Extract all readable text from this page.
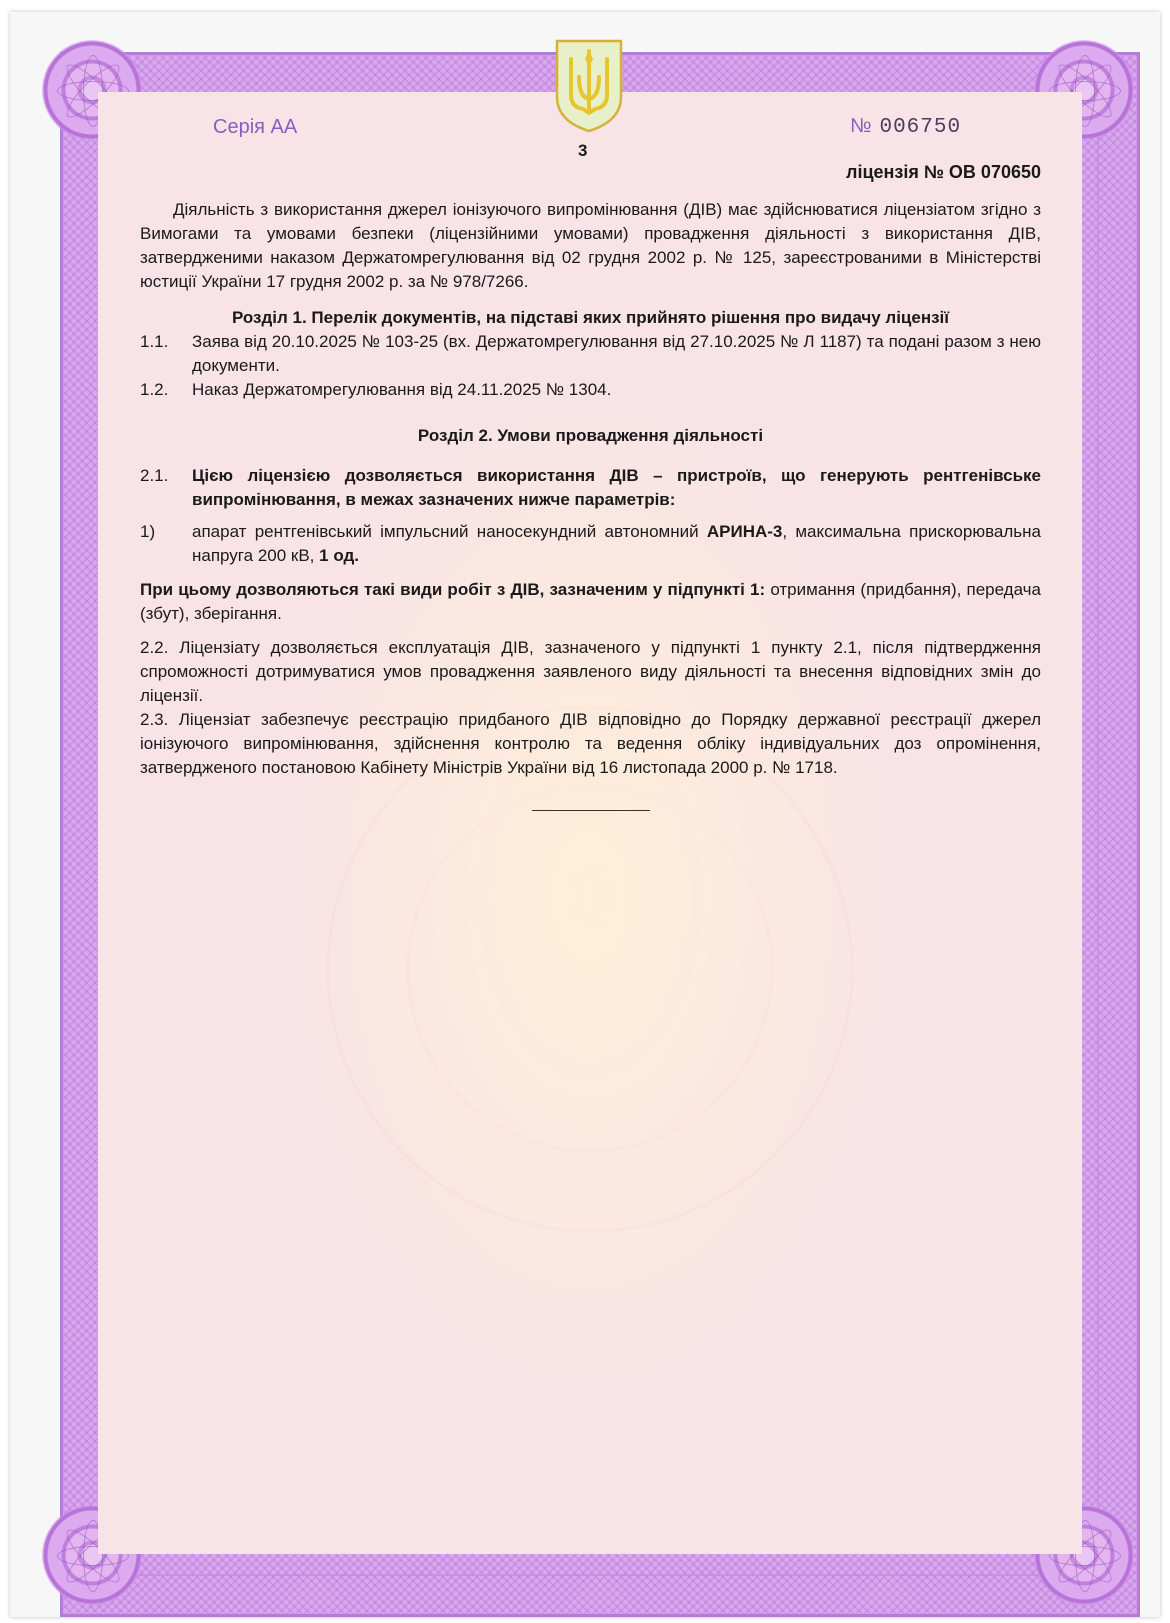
Серія АА	№ 006750
3
ліцензія № ОВ 070650

Діяльність з використання джерел іонізуючого випромінювання (ДІВ) має здійснюватися ліцензіатом згідно з Вимогами та умовами безпеки (ліцензійними умовами) провадження діяльності з використання ДІВ, затвердженими наказом Держатомрегулювання від 02 грудня 2002 р. № 125, зареєстрованими в Міністерстві юстиції України 17 грудня 2002 р. за № 978/7266.

Розділ 1. Перелік документів, на підставі яких прийнято рішення про видачу ліцензії

1.1.	Заява від 20.10.2025 № 103-25 (вх. Держатомрегулювання від 27.10.2025 № Л 1187) та подані разом з нею документи.
1.2.	Наказ Держатомрегулювання від 24.11.2025 № 1304.

Розділ 2. Умови провадження діяльності

2.1.	Цією ліцензією дозволяється використання ДІВ – пристроїв, що генерують рентгенівське випромінювання, в межах зазначених нижче параметрів:
1)	апарат рентгенівський імпульсний наносекундний автономний АРИНА-3, максимальна прискорювальна напруга 200 кВ, 1 од.

При цьому дозволяються такі види робіт з ДІВ, зазначеним у підпункті 1: отримання (придбання), передача (збут), зберігання.

2.2. Ліцензіату дозволяється експлуатація ДІВ, зазначеного у підпункті 1 пункту 2.1, після підтвердження спроможності дотримуватися умов провадження заявленого виду діяльності та внесення відповідних змін до ліцензії.

2.3. Ліцензіат забезпечує реєстрацію придбаного ДІВ відповідно до Порядку державної реєстрації джерел іонізуючого випромінювання, здійснення контролю та ведення обліку індивідуальних доз опромінення, затвердженого постановою Кабінету Міністрів України від 16 листопада 2000 р. № 1718.
